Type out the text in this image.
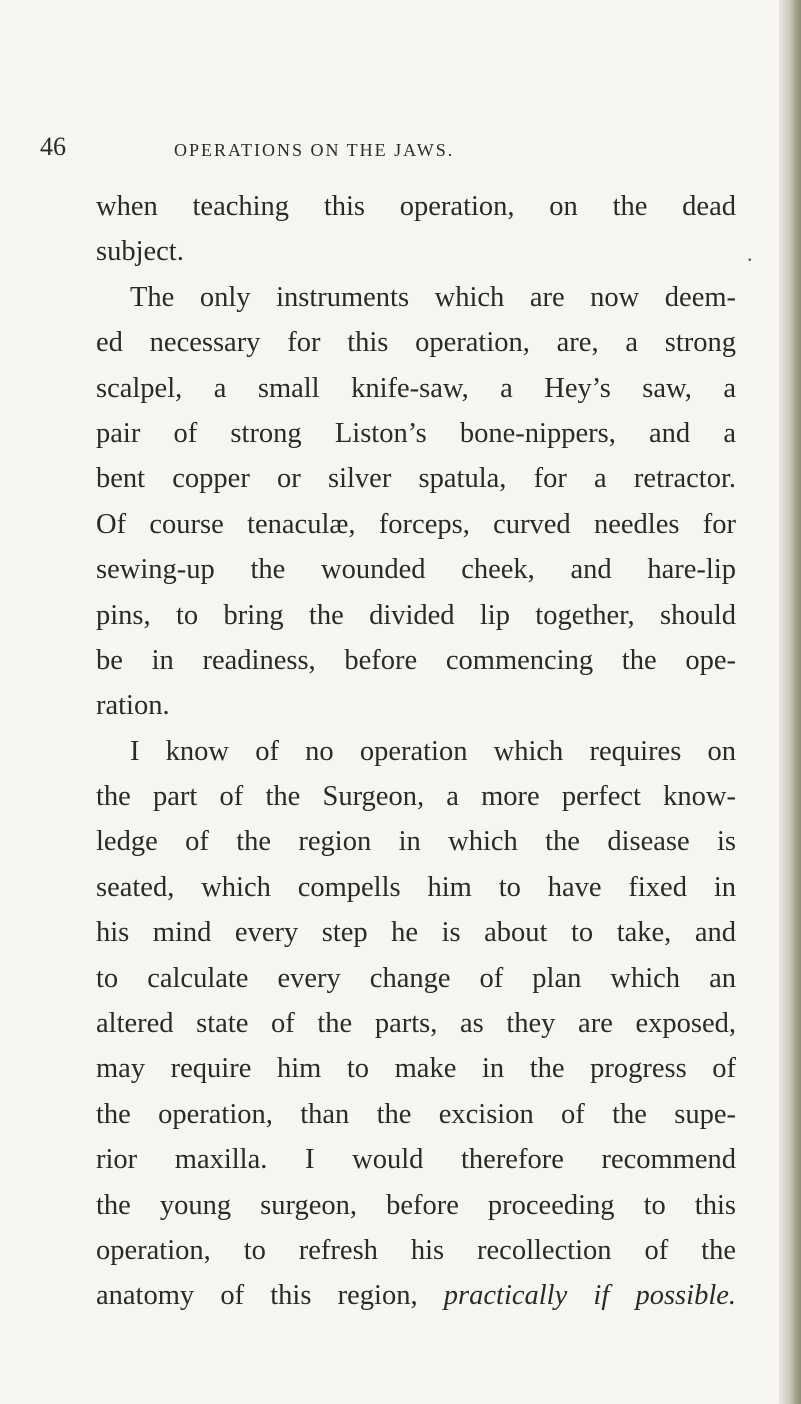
46	OPERATIONS ON THE JAWS.
.
when teaching this operation, on the dead
subject.
The only instruments which are now deem-
ed necessary for this operation, are, a strong
scalpel, a small knife-saw, a Hey’s saw, a
pair of strong Liston’s bone-nippers, and a
bent copper or silver spatula, for a retractor.
Of course tenaculæ, forceps, curved needles for
sewing-up the wounded cheek, and hare-lip
pins, to bring the divided lip together, should
be in readiness, before commencing the ope-
ration.
I know of no operation which requires on
the part of the Surgeon, a more perfect know-
ledge of the region in which the disease is
seated, which compells him to have fixed in
his mind every step he is about to take, and
to calculate every change of plan which an
altered state of the parts, as they are exposed,
may require him to make in the progress of
the operation, than the excision of the supe-
rior maxilla. I would therefore recommend
the young surgeon, before proceeding to this
operation, to refresh his recollection of the
anatomy of this region, practically if possible.
